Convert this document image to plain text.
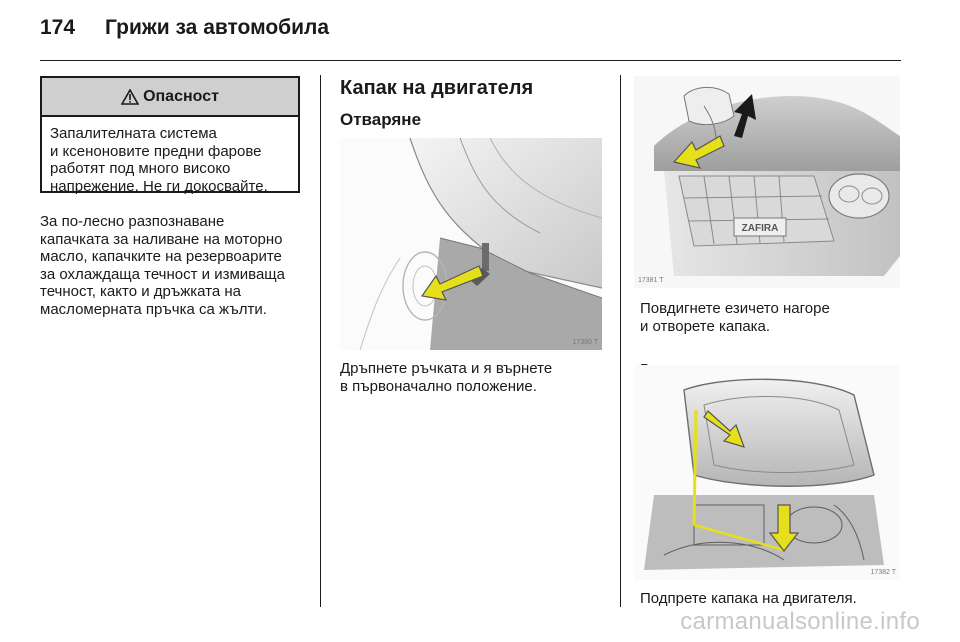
174 Грижи за автомобила
Опасност
Запалителната система
и ксеноновите предни фарове
работят под много високо
напрежение. Не ги докосвайте.
За по-лесно разпознаване
капачката за наливане на моторно
масло, капачките на резервоарите
за охлаждаща течност и измиваща
течност, както и дръжката на
масломерната пръчка са жълти.
Капак на двигателя
Отваряне
17380 T
Дръпнете ръчката и я върнете
в първоначално положение.
ZAFIRA
17381 T
Повдигнете езичето нагоре
и отворете капака.

17382 T
Подпрете капака на двигателя.
carmanualsonline.info
